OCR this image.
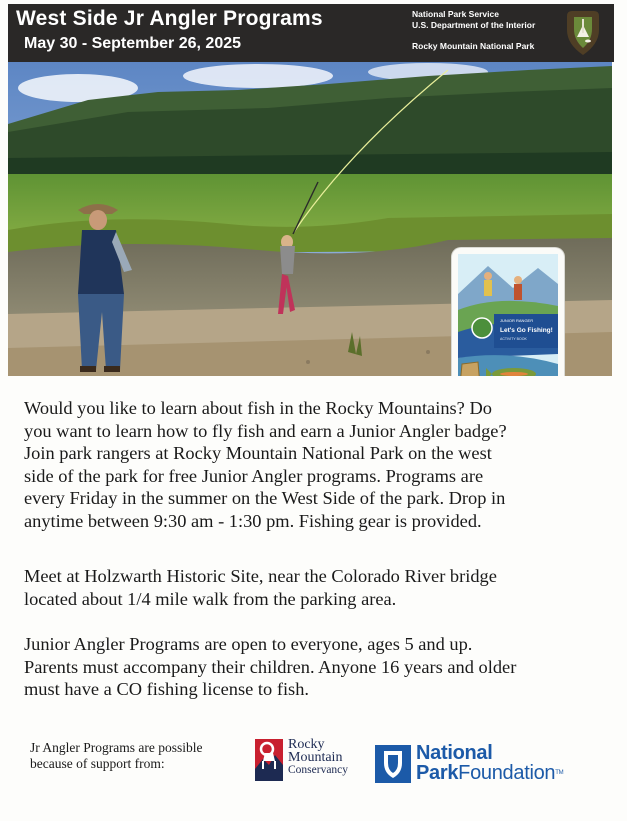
West Side Jr Angler Programs
May 30 - September 26, 2025
National Park Service
U.S. Department of the Interior
Rocky Mountain National Park
JUNIOR RANGER
Let's Go Fishing!
ACTIVITY BOOK
Would you like to learn about fish in the Rocky Mountains? Do
you want to learn how to fly fish and earn a Junior Angler badge?
Join park rangers at Rocky Mountain National Park on the west
side of the park for free Junior Angler programs. Programs are
every Friday in the summer on the West Side of the park. Drop in
anytime between 9:30 am - 1:30 pm. Fishing gear is provided.
Meet at Holzwarth Historic Site, near the Colorado River bridge
located about 1/4 mile walk from the parking area.
Junior Angler Programs are open to everyone, ages 5 and up.
Parents must accompany their children. Anyone 16 years and older
must have a CO fishing license to fish.
Jr Angler Programs are possible
because of support from:
Rocky
Mountain
Conservancy
National
ParkFoundation™
